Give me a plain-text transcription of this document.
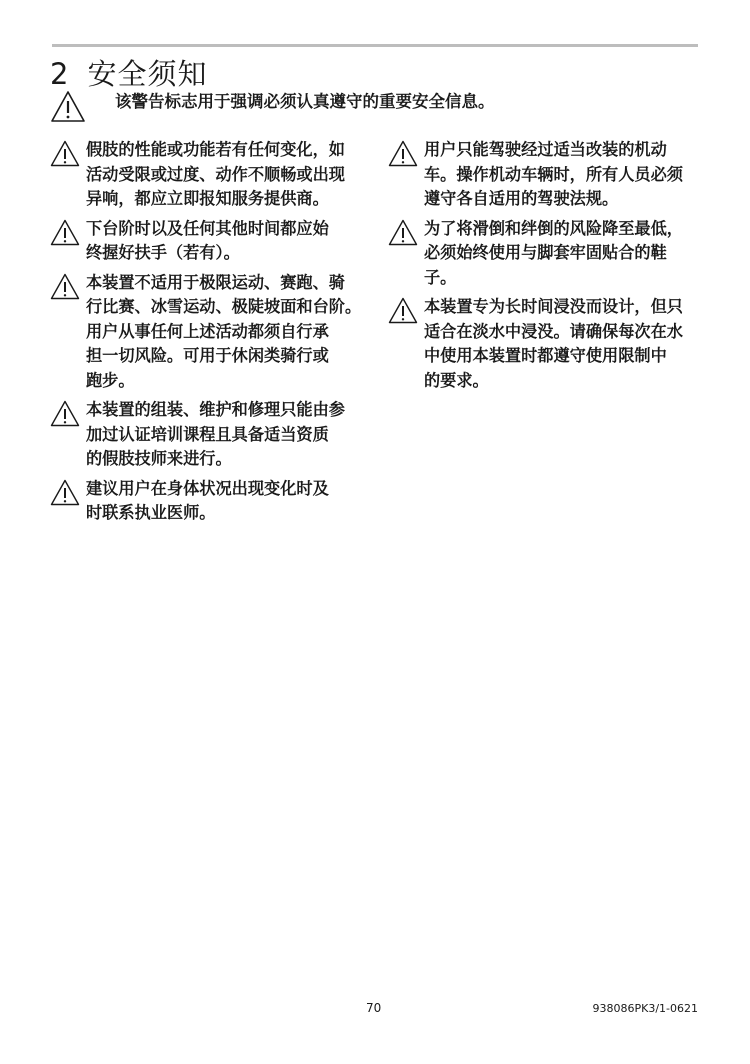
2 安全须知
该警告标志用于强调必须认真遵守的重要安全信息。
假肢的性能或功能若有任何变化，如
活动受限或过度、动作不顺畅或出现
异响，都应立即报知服务提供商。
下台阶时以及任何其他时间都应始
终握好扶手（若有）。
本装置不适用于极限运动、赛跑、骑
行比赛、冰雪运动、极陡坡面和台阶。
用户从事任何上述活动都须自行承
担一切风险。可用于休闲类骑行或
跑步。
本装置的组装、维护和修理只能由参
加过认证培训课程且具备适当资质
的假肢技师来进行。
建议用户在身体状况出现变化时及
时联系执业医师。
用户只能驾驶经过适当改装的机动
车。操作机动车辆时，所有人员必须
遵守各自适用的驾驶法规。
为了将滑倒和绊倒的风险降至最低，
必须始终使用与脚套牢固贴合的鞋
子。
本装置专为长时间浸没而设计，但只
适合在淡水中浸没。请确保每次在水
中使用本装置时都遵守使用限制中
的要求。
70	938086PK3/1-0621
